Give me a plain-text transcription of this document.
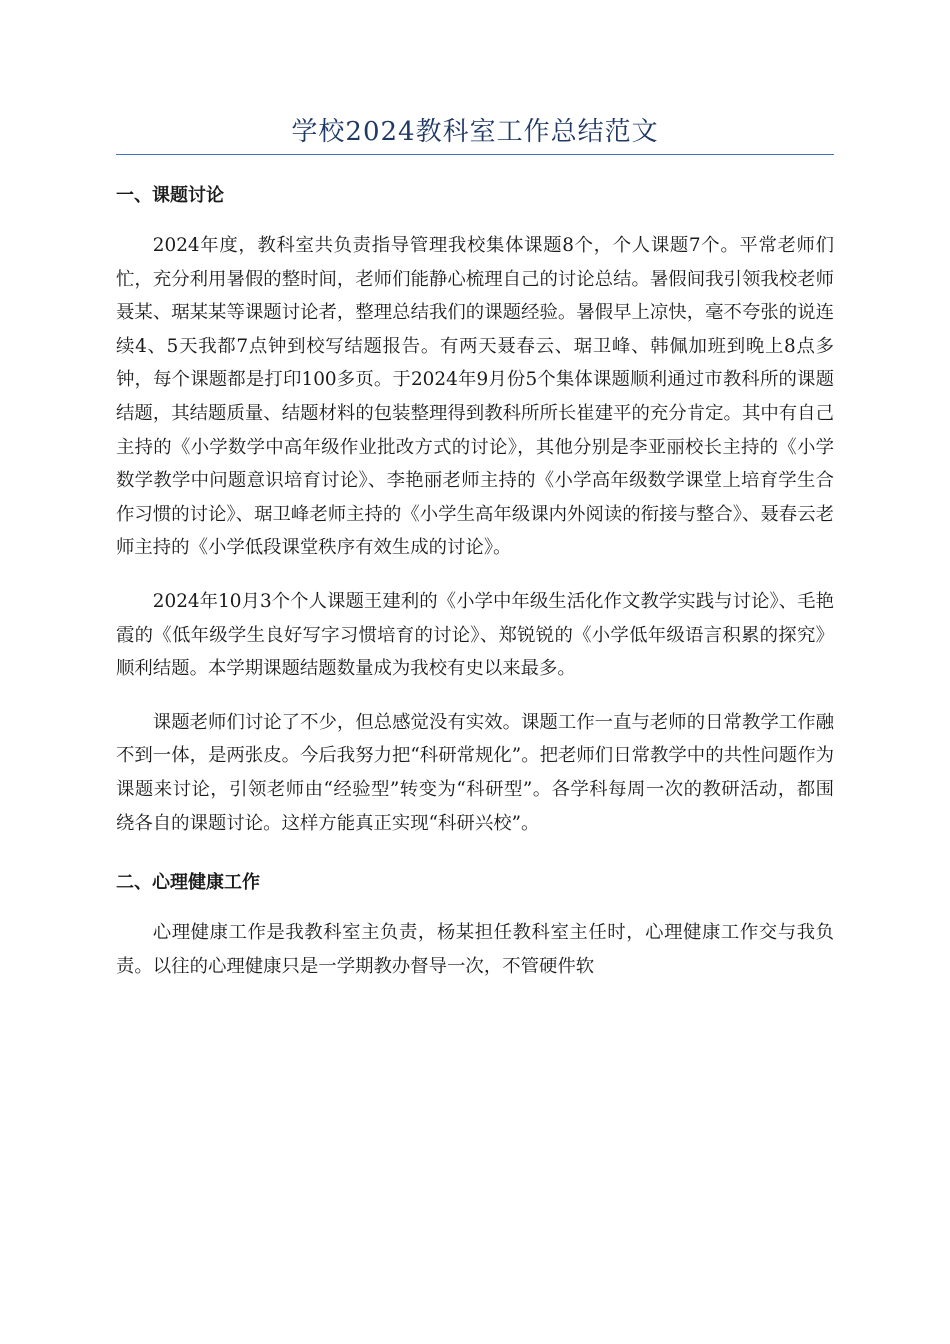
学校2024教科室工作总结范文
一、课题讨论

2024年度，教科室共负责指导管理我校集体课题8个，个人课题7个。平常老师们忙，充分利用暑假的整时间，老师们能静心梳理自己的讨论总结。暑假间我引领我校老师聂某、琚某某等课题讨论者，整理总结我们的课题经验。暑假早上凉快，毫不夸张的说连续4、5天我都7点钟到校写结题报告。有两天聂春云、琚卫峰、韩佩加班到晚上8点多钟，每个课题都是打印100多页。于2024年9月份5个集体课题顺利通过市教科所的课题结题，其结题质量、结题材料的包装整理得到教科所所长崔建平的充分肯定。其中有自己主持的《小学数学中高年级作业批改方式的讨论》，其他分别是李亚丽校长主持的《小学数学教学中问题意识培育讨论》、李艳丽老师主持的《小学高年级数学课堂上培育学生合作习惯的讨论》、琚卫峰老师主持的《小学生高年级课内外阅读的衔接与整合》、聂春云老师主持的《小学低段课堂秩序有效生成的讨论》。

2024年10月3个个人课题王建利的《小学中年级生活化作文教学实践与讨论》、毛艳霞的《低年级学生良好写字习惯培育的讨论》、郑锐锐的《小学低年级语言积累的探究》顺利结题。本学期课题结题数量成为我校有史以来最多。

课题老师们讨论了不少，但总感觉没有实效。课题工作一直与老师的日常教学工作融不到一体，是两张皮。今后我努力把“科研常规化”。把老师们日常教学中的共性问题作为课题来讨论，引领老师由“经验型”转变为“科研型”。各学科每周一次的教研活动，都围绕各自的课题讨论。这样方能真正实现“科研兴校”。

二、心理健康工作

心理健康工作是我教科室主负责，杨某担任教科室主任时，心理健康工作交与我负责。以往的心理健康只是一学期教办督导一次，不管硬件软
